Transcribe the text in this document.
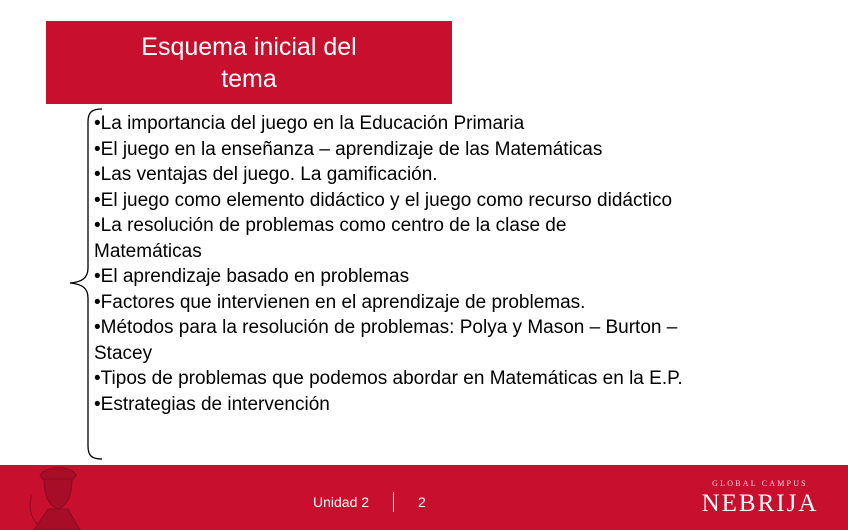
Esquema inicial del
tema

•La importancia del juego en la Educación Primaria

•El juego en la enseñanza – aprendizaje de las Matemáticas

•Las ventajas del juego. La gamificación.

•El juego como elemento didáctico y el juego como recurso didáctico

•La resolución de problemas como centro de la clase de Matemáticas

•El aprendizaje basado en problemas

•Factores que intervienen en el aprendizaje de problemas.

•Métodos para la resolución de problemas: Polya y Mason – Burton – Stacey

•Tipos de problemas que podemos abordar en Matemáticas en la E.P.

•Estrategias de intervención

Unidad 2	2
GLOBAL CAMPUS
NEBRIJA
